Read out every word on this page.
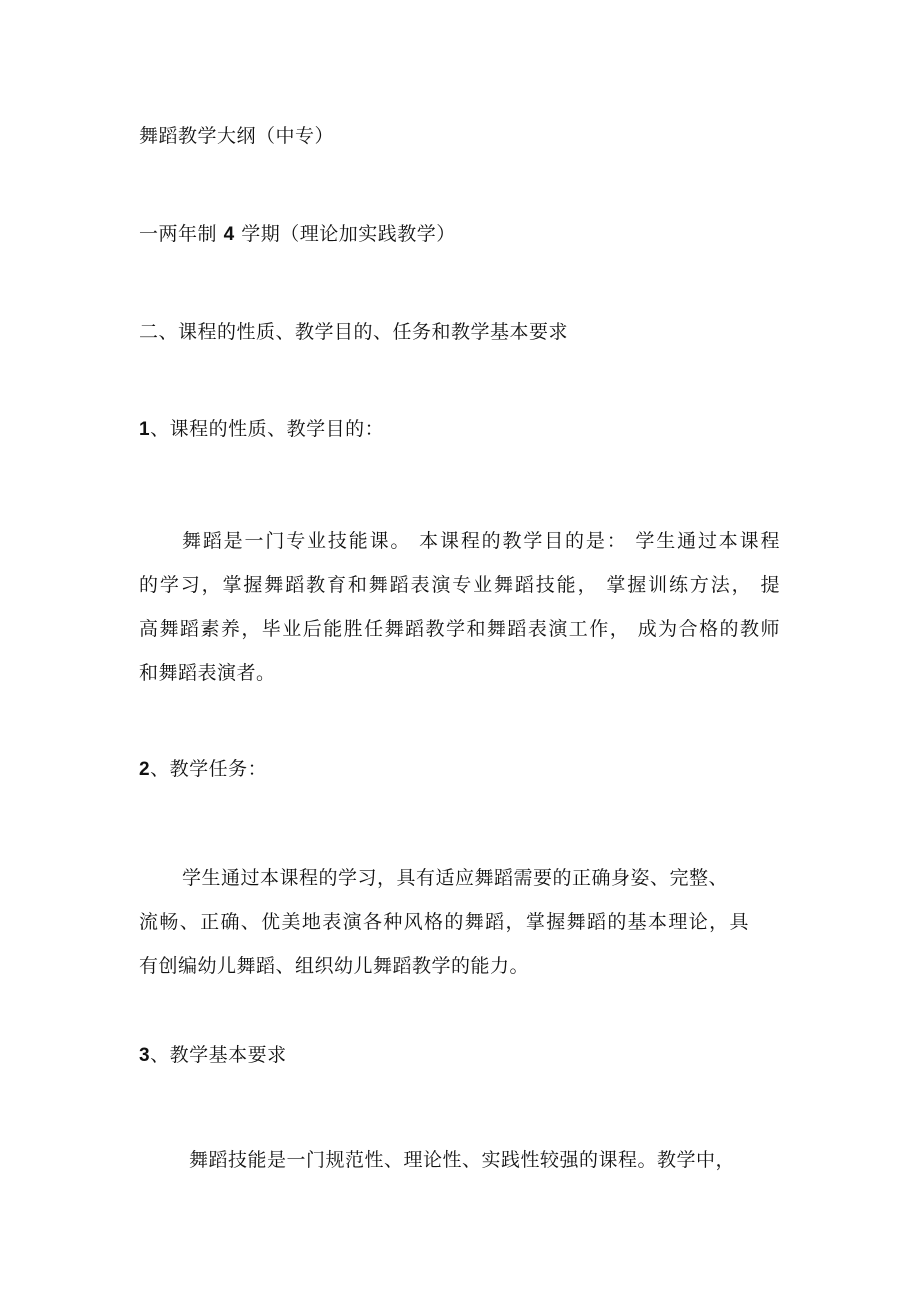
舞蹈教学大纲（中专）

一两年制 4 学期（理论加实践教学）

二、课程的性质、教学目的、任务和教学基本要求

1、课程的性质、教学目的：

舞蹈是一门专业技能课。 本课程的教学目的是： 学生通过本课程
的学习，掌握舞蹈教育和舞蹈表演专业舞蹈技能， 掌握训练方法， 提
高舞蹈素养，毕业后能胜任舞蹈教学和舞蹈表演工作， 成为合格的教师
和舞蹈表演者。

2、教学任务：

学生通过本课程的学习，具有适应舞蹈需要的正确身姿、完整、
流畅、正确、优美地表演各种风格的舞蹈，掌握舞蹈的基本理论，具
有创编幼儿舞蹈、组织幼儿舞蹈教学的能力。

3、教学基本要求

舞蹈技能是一门规范性、理论性、实践性较强的课程。教学中，
